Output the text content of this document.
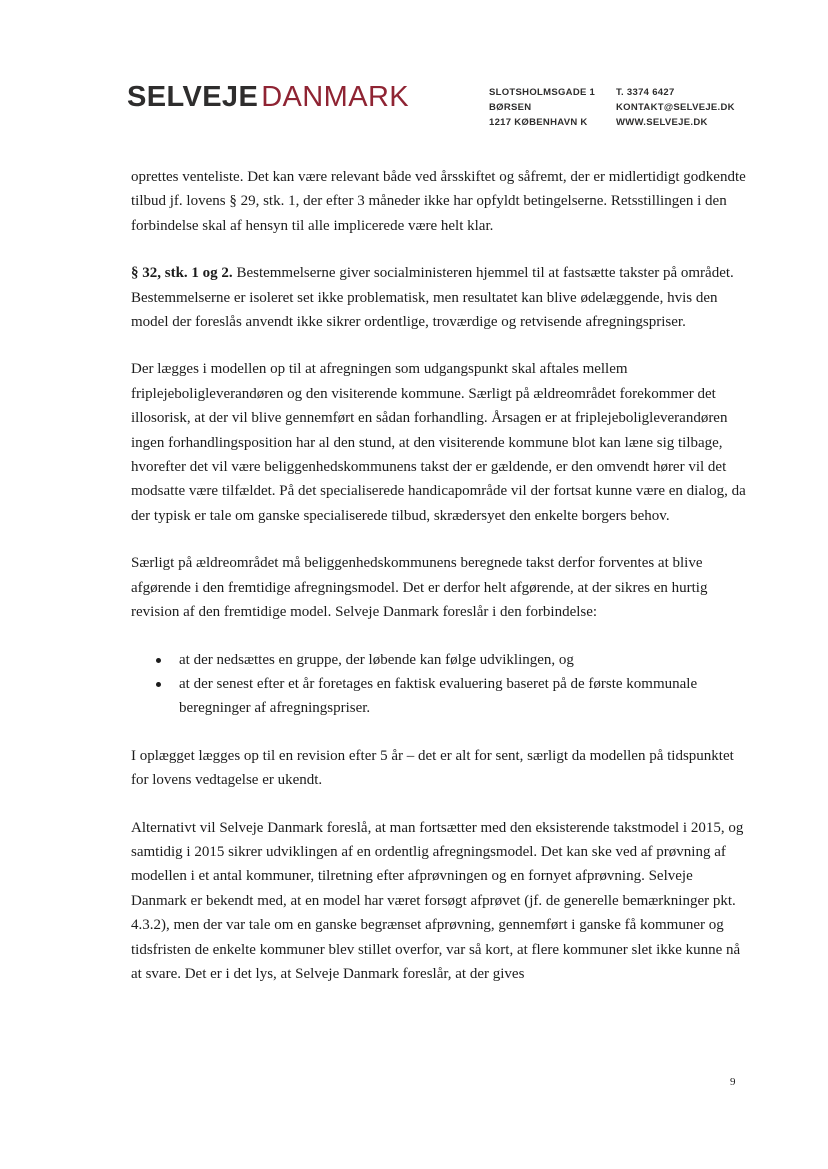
SELVEJE DANMARK	SLOTSHOLMSGADE 1
BØRSEN
1217 KØBENHAVN K
T. 3374 6427
KONTAKT@SELVEJE.DK
WWW.SELVEJE.DK

oprettes venteliste. Det kan være relevant både ved årsskiftet og såfremt, der er midlertidigt godkendte tilbud jf. lovens § 29, stk. 1, der efter 3 måneder ikke har opfyldt betingelserne. Retsstillingen i den forbindelse skal af hensyn til alle implicerede være helt klar.

§ 32, stk. 1 og 2. Bestemmelserne giver socialministeren hjemmel til at fastsætte takster på området. Bestemmelserne er isoleret set ikke problematisk, men resultatet kan blive ødelæggende, hvis den model der foreslås anvendt ikke sikrer ordentlige, troværdige og retvisende afregningspriser.

Der lægges i modellen op til at afregningen som udgangspunkt skal aftales mellem friplejeboligleverandøren og den visiterende kommune. Særligt på ældreområdet forekommer det illosorisk, at der vil blive gennemført en sådan forhandling. Årsagen er at friplejeboligleverandøren ingen forhandlingsposition har al den stund, at den visiterende kommune blot kan læne sig tilbage, hvorefter det vil være beliggenhedskommunens takst der er gældende, er den omvendt hører vil det modsatte være tilfældet. På det specialiserede handicapområde vil der fortsat kunne være en dialog, da der typisk er tale om ganske specialiserede tilbud, skrædersyet den enkelte borgers behov.

Særligt på ældreområdet må beliggenhedskommunens beregnede takst derfor forventes at blive afgørende i den fremtidige afregningsmodel. Det er derfor helt afgørende, at der sikres en hurtig revision af den fremtidige model. Selveje Danmark foreslår i den forbindelse:

at der nedsættes en gruppe, der løbende kan følge udviklingen, og
at der senest efter et år foretages en faktisk evaluering baseret på de første kommunale beregninger af afregningspriser.

I oplægget lægges op til en revision efter 5 år – det er alt for sent, særligt da modellen på tidspunktet for lovens vedtagelse er ukendt.

Alternativt vil Selveje Danmark foreslå, at man fortsætter med den eksisterende takstmodel i 2015, og samtidig i 2015 sikrer udviklingen af en ordentlig afregningsmodel. Det kan ske ved af prøvning af modellen i et antal kommuner, tilretning efter afprøvningen og en fornyet afprøvning. Selveje Danmark er bekendt med, at en model har været forsøgt afprøvet (jf. de generelle bemærkninger pkt. 4.3.2), men der var tale om en ganske begrænset afprøvning, gennemført i ganske få kommuner og tidsfristen de enkelte kommuner blev stillet overfor, var så kort, at flere kommuner slet ikke kunne nå at svare. Det er i det lys, at Selveje Danmark foreslår, at der gives

9
